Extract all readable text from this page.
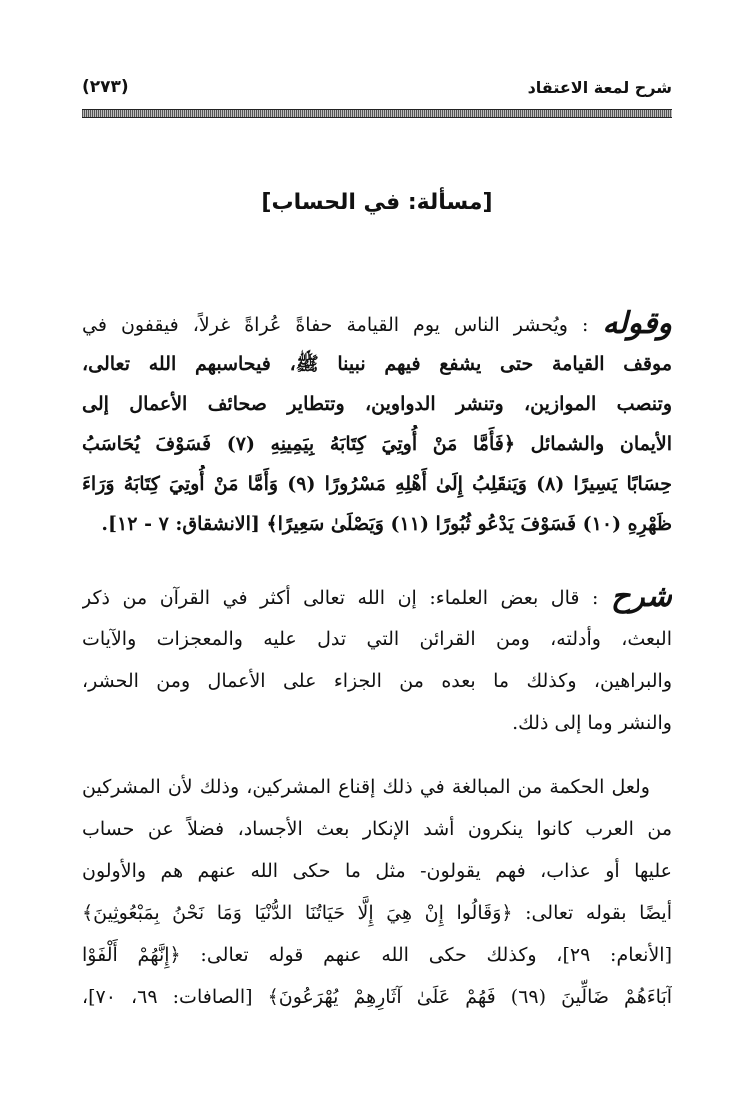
شرح لمعة الاعتقاد
(٢٧٣)
[مسألة: في الحساب]
وقوله : ويُحشر الناس يوم القيامة حفاةً عُراةً غرلاً، فيقفون في
موقف القيامة حتى يشفع فيهم نبينا ﷺ، فيحاسبهم الله تعالى،
وتنصب الموازين، وتنشر الدواوين، وتتطاير صحائف الأعمال إلى
الأيمان والشمائل ﴿فَأَمَّا مَنْ أُوتِيَ كِتَابَهُ بِيَمِينِهِ (٧) فَسَوْفَ يُحَاسَبُ
حِسَابًا يَسِيرًا (٨) وَيَنقَلِبُ إِلَىٰ أَهْلِهِ مَسْرُورًا (٩) وَأَمَّا مَنْ أُوتِيَ كِتَابَهُ وَرَاءَ
ظَهْرِهِ (١٠) فَسَوْفَ يَدْعُو ثُبُورًا (١١) وَيَصْلَىٰ سَعِيرًا﴾ [الانشقاق: ٧ - ١٢].
شرح : قال بعض العلماء: إن الله تعالى أكثر في القرآن من ذكر
البعث، وأدلته، ومن القرائن التي تدل عليه والمعجزات والآيات
والبراهين، وكذلك ما بعده من الجزاء على الأعمال ومن الحشر،
والنشر وما إلى ذلك.
ولعل الحكمة من المبالغة في ذلك إقناع المشركين، وذلك لأن المشركين
من العرب كانوا ينكرون أشد الإنكار بعث الأجساد، فضلاً عن حساب
عليها أو عذاب، فهم يقولون- مثل ما حكى الله عنهم هم والأولون
أيضًا بقوله تعالى: ﴿وَقَالُوا إِنْ هِيَ إِلَّا حَيَاتُنَا الدُّنْيَا وَمَا نَحْنُ بِمَبْعُوثِينَ﴾
[الأنعام: ٢٩]، وكذلك حكى الله عنهم قوله تعالى: ﴿إِنَّهُمْ أَلْفَوْا
آبَاءَهُمْ ضَالِّينَ (٦٩) فَهُمْ عَلَىٰ آثَارِهِمْ يُهْرَعُونَ﴾ [الصافات: ٦٩، ٧٠]،
